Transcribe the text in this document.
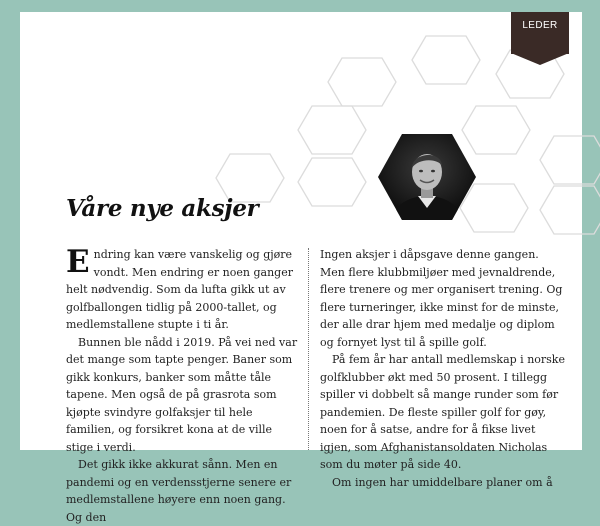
Våre nye aksjer
E ndring kan være vanskelig og gjøre vondt. Men endring er noen ganger helt nødvendig. Som da lufta gikk ut av golfballongen tidlig på 2000-tallet, og medlemstallene stupte i ti år.

Bunnen ble nådd i 2019. På vei ned var det mange som tapte penger. Baner som gikk konkurs, banker som måtte tåle tapene. Men også de på grasrota som kjøpte svindyre golfaksjer til hele familien, og forsikret kona at de ville stige i verdi.

Det gikk ikke akkurat sånn. Men en pandemi og en verdensstjerne senere er medlemstallene høyere enn noen gang. Og den

Ingen aksjer i dåpsgave denne gangen. Men flere klubbmiljøer med jevnaldrende, flere trenere og mer organisert trening. Og flere turneringer, ikke minst for de minste, der alle drar hjem med medalje og diplom og fornyet lyst til å spille golf.

På fem år har antall medlemskap i norske golfklubber økt med 50 prosent. I tillegg spiller vi dobbelt så mange runder som før pandemien. De fleste spiller golf for gøy, noen for å satse, andre for å fikse livet igjen, som Afghanistansoldaten Nicholas som du møter på side 40.

Om ingen har umiddelbare planer om å

LEDER
